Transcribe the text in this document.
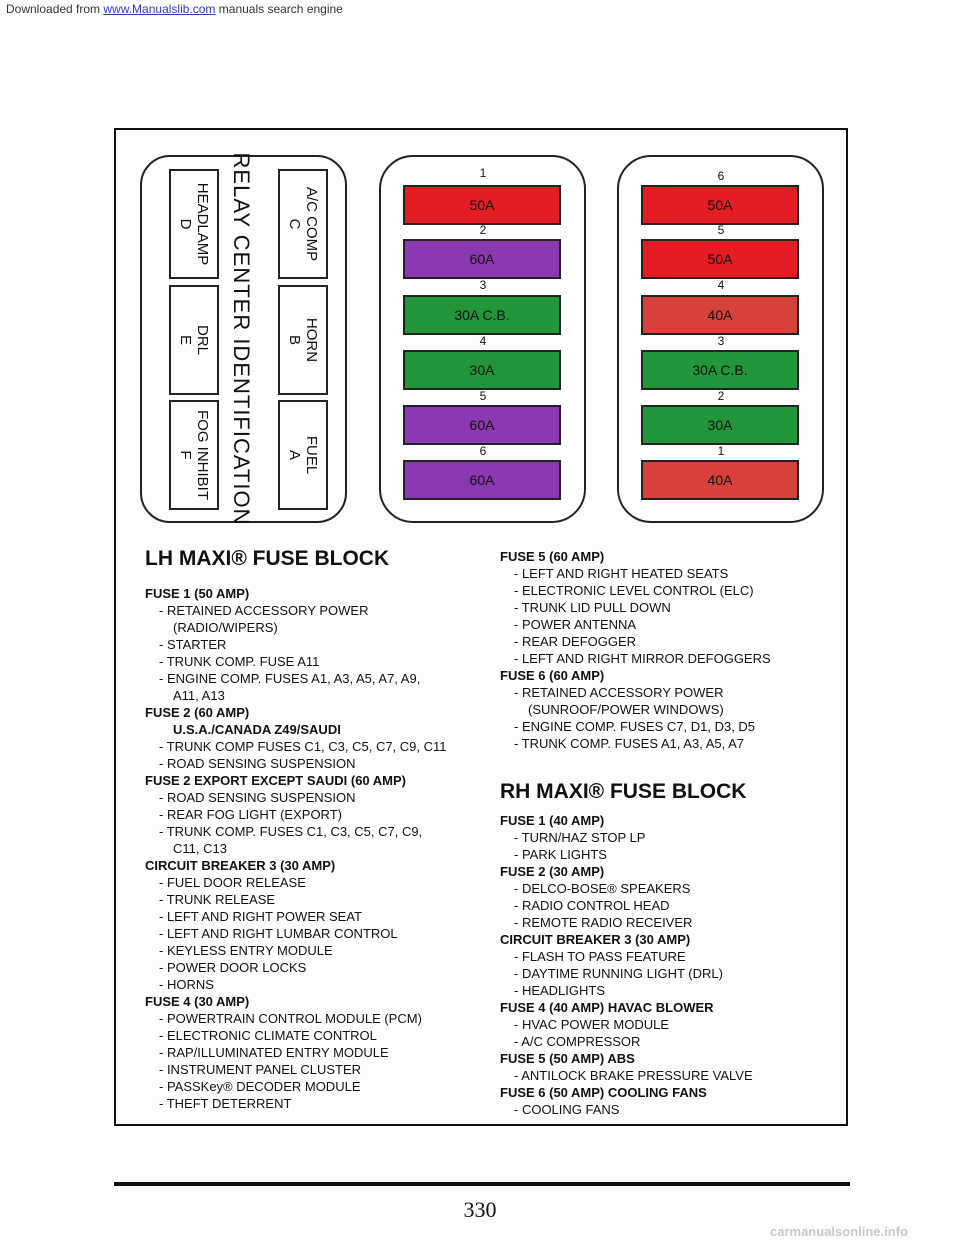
Downloaded from www.Manualslib.com manuals search engine
A/C COMP
C
HORN
B
FUEL
A
HEADLAMP
D
DRL
E
FOG INHIBIT
F	RELAY CENTER IDENTIFICATION	1
50A
2
60A
3
30A C.B.
4
30A
5
60A
6
60A
6
50A
5
50A
4
40A
3
30A C.B.
2
30A
1
40A
LH MAXI® FUSE BLOCK
RH MAXI® FUSE BLOCK
FUSE 1 (50 AMP)
- RETAINED ACCESSORY POWER
(RADIO/WIPERS)
- STARTER
- TRUNK COMP. FUSE A11
- ENGINE COMP. FUSES A1, A3, A5, A7, A9,
A11, A13
FUSE 2 (60 AMP)
U.S.A./CANADA Z49/SAUDI
- TRUNK COMP FUSES C1, C3, C5, C7, C9, C11
- ROAD SENSING SUSPENSION
FUSE 2 EXPORT EXCEPT SAUDI (60 AMP)
- ROAD SENSING SUSPENSION
- REAR FOG LIGHT (EXPORT)
- TRUNK COMP. FUSES C1, C3, C5, C7, C9,
C11, C13
CIRCUIT BREAKER 3 (30 AMP)
- FUEL DOOR RELEASE
- TRUNK RELEASE
- LEFT AND RIGHT POWER SEAT
- LEFT AND RIGHT LUMBAR CONTROL
- KEYLESS ENTRY MODULE
- POWER DOOR LOCKS
- HORNS
FUSE 4 (30 AMP)
- POWERTRAIN CONTROL MODULE (PCM)
- ELECTRONIC CLIMATE CONTROL
- RAP/ILLUMINATED ENTRY MODULE
- INSTRUMENT PANEL CLUSTER
- PASSKey® DECODER MODULE
- THEFT DETERRENT
FUSE 5 (60 AMP)
- LEFT AND RIGHT HEATED SEATS
- ELECTRONIC LEVEL CONTROL (ELC)
- TRUNK LID PULL DOWN
- POWER ANTENNA
- REAR DEFOGGER
- LEFT AND RIGHT MIRROR DEFOGGERS
FUSE 6 (60 AMP)
- RETAINED ACCESSORY POWER
(SUNROOF/POWER WINDOWS)
- ENGINE COMP. FUSES C7, D1, D3, D5
- TRUNK COMP. FUSES A1, A3, A5, A7
FUSE 1 (40 AMP)
- TURN/HAZ STOP LP
- PARK LIGHTS
FUSE 2 (30 AMP)
- DELCO-BOSE® SPEAKERS
- RADIO CONTROL HEAD
- REMOTE RADIO RECEIVER
CIRCUIT BREAKER 3 (30 AMP)
- FLASH TO PASS FEATURE
- DAYTIME RUNNING LIGHT (DRL)
- HEADLIGHTS
FUSE 4 (40 AMP) HAVAC BLOWER
- HVAC POWER MODULE
- A/C COMPRESSOR
FUSE 5 (50 AMP) ABS
- ANTILOCK BRAKE PRESSURE VALVE
FUSE 6 (50 AMP) COOLING FANS
- COOLING FANS
330
carmanualsonline.info
